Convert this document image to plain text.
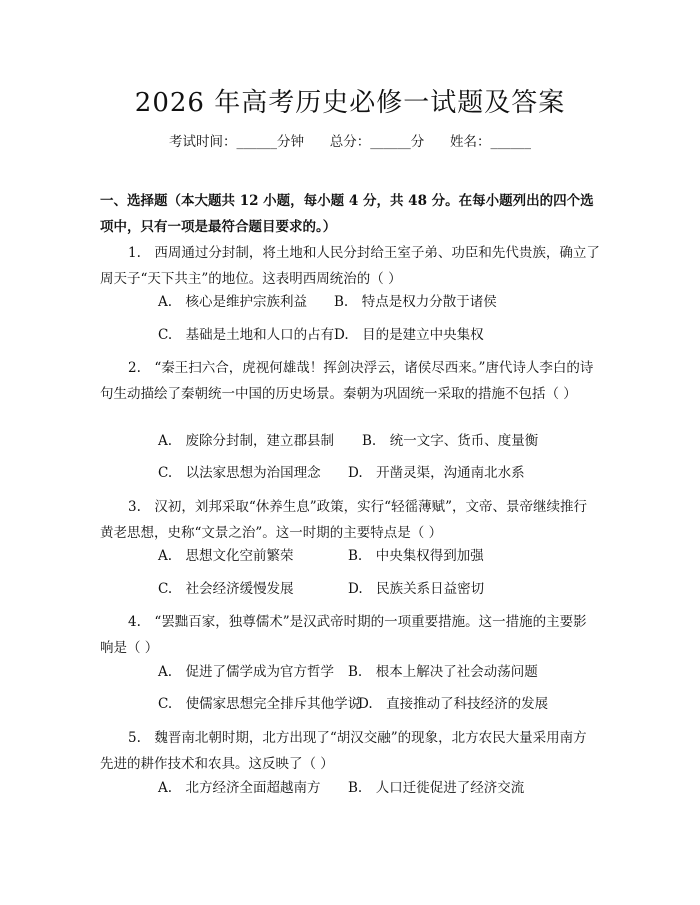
2026 年高考历史必修一试题及答案
考试时间：______分钟      总分：______分      姓名：______

一、选择题（本大题共 12 小题，每小题 4 分，共 48 分。在每小题列出的四个选项中，只有一项是最符合题目要求的。）

1.　西周通过分封制，将土地和人民分封给王室子弟、功臣和先代贵族，确立了周天子“天下共主”的地位。这表明西周统治的（ ）

A.　核心是维护宗族利益 B.　特点是权力分散于诸侯
C.　基础是土地和人口的占有 D.　目的是建立中央集权

2.　“秦王扫六合，虎视何雄哉！挥剑决浮云，诸侯尽西来。”唐代诗人李白的诗句生动描绘了秦朝统一中国的历史场景。秦朝为巩固统一采取的措施不包括（ ）

A.　废除分封制，建立郡县制 B.　统一文字、货币、度量衡
C.　以法家思想为治国理念 D.　开凿灵渠，沟通南北水系

3.　汉初，刘邦采取“休养生息”政策，实行“轻徭薄赋”，文帝、景帝继续推行黄老思想，史称“文景之治”。这一时期的主要特点是（ ）

A.　思想文化空前繁荣	B.　中央集权得到加强
C.　社会经济缓慢发展	D.　民族关系日益密切

4.　“罢黜百家，独尊儒术”是汉武帝时期的一项重要措施。这一措施的主要影响是（ ）

A.　促进了儒学成为官方哲学 B.　根本上解决了社会动荡问题
C.　使儒家思想完全排斥其他学说
D.　直接推动了科技经济的发展

5.　魏晋南北朝时期，北方出现了“胡汉交融”的现象，北方农民大量采用南方先进的耕作技术和农具。这反映了（ ）

A.　北方经济全面超越南方 B.　人口迁徙促进了经济交流
